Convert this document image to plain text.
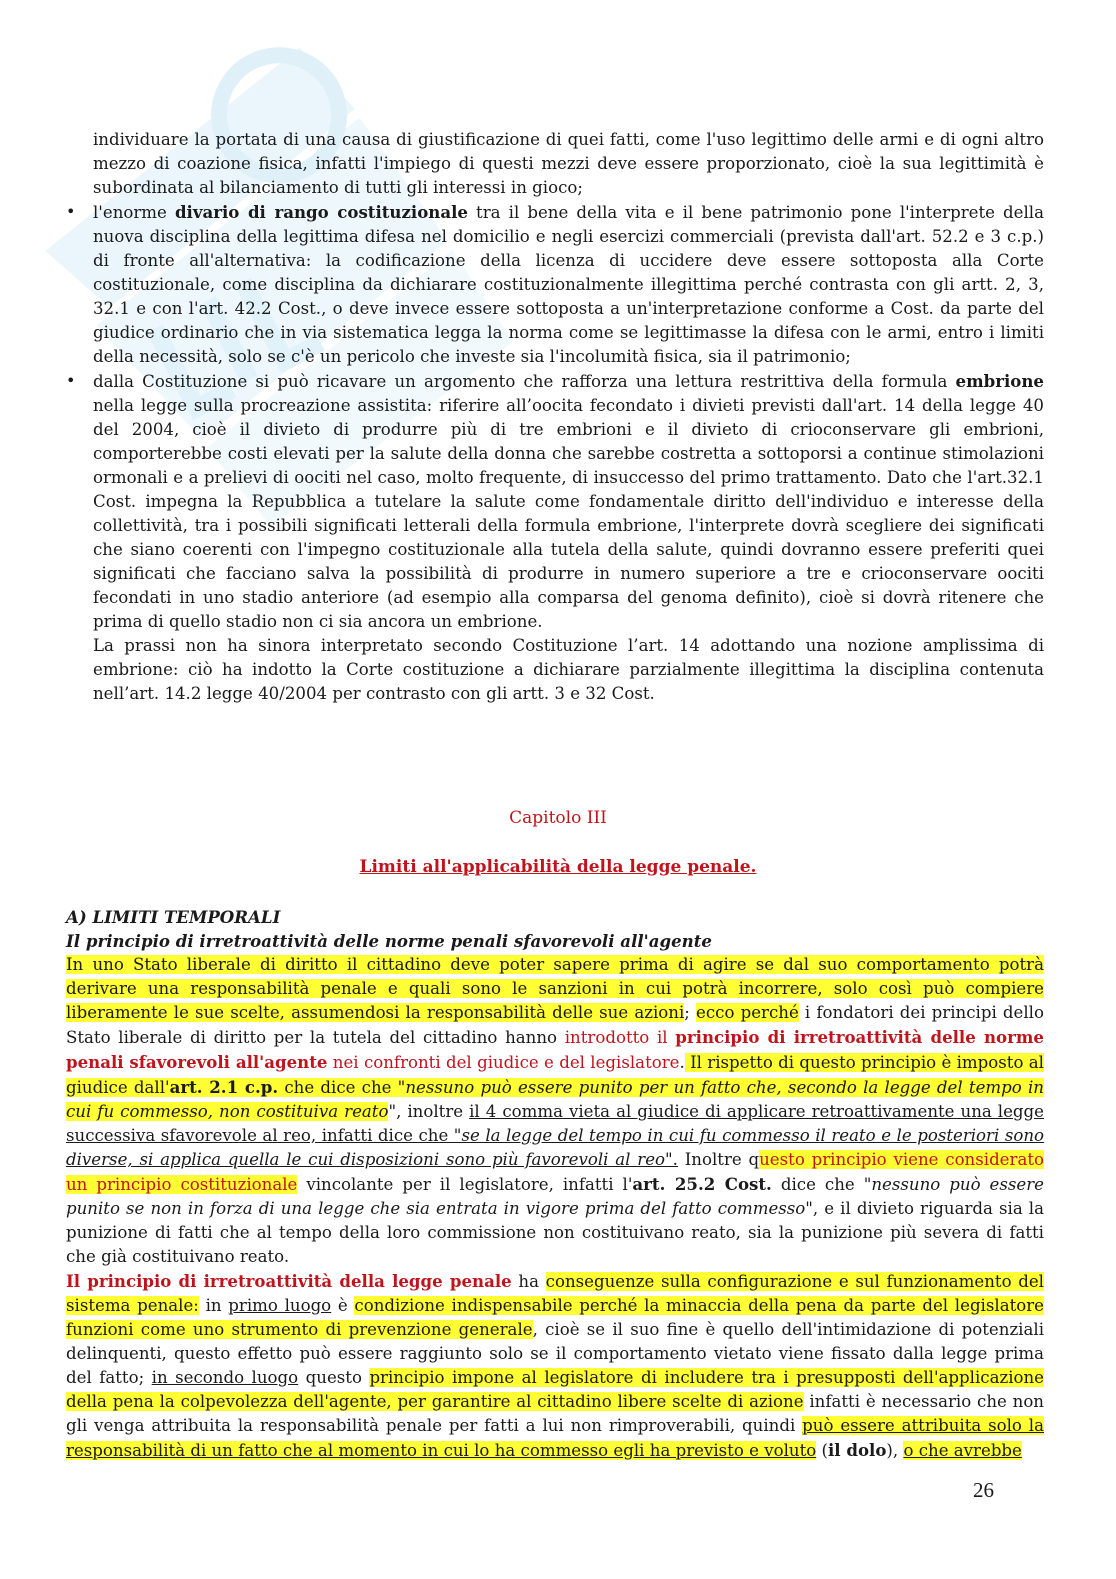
individuare la portata di una causa di giustificazione di quei fatti, come l'uso legittimo delle armi e di ogni altro mezzo di coazione fisica, infatti l'impiego di questi mezzi deve essere proporzionato, cioè la sua legittimità è subordinata al bilanciamento di tutti gli interessi in gioco;

• l'enorme divario di rango costituzionale tra il bene della vita e il bene patrimonio pone l'interprete della nuova disciplina della legittima difesa nel domicilio e negli esercizi commerciali (prevista dall'art. 52.2 e 3 c.p.) di fronte all'alternativa: la codificazione della licenza di uccidere deve essere sottoposta alla Corte costituzionale, come disciplina da dichiarare costituzionalmente illegittima perché contrasta con gli artt. 2, 3, 32.1 e con l'art. 42.2 Cost., o deve invece essere sottoposta a un'interpretazione conforme a Cost. da parte del giudice ordinario che in via sistematica legga la norma come se legittimasse la difesa con le armi, entro i limiti della necessità, solo se c'è un pericolo che investe sia l'incolumità fisica, sia il patrimonio;
• dalla Costituzione si può ricavare un argomento che rafforza una lettura restrittiva della formula embrione nella legge sulla procreazione assistita: riferire all’oocita fecondato i divieti previsti dall'art. 14 della legge 40 del 2004, cioè il divieto di produrre più di tre embrioni e il divieto di crioconservare gli embrioni, comporterebbe costi elevati per la salute della donna che sarebbe costretta a sottoporsi a continue stimolazioni ormonali e a prelievi di oociti nel caso, molto frequente, di insuccesso del primo trattamento. Dato che l'art.32.1 Cost. impegna la Repubblica a tutelare la salute come fondamentale diritto dell'individuo e interesse della collettività, tra i possibili significati letterali della formula embrione, l'interprete dovrà scegliere dei significati che siano coerenti con l'impegno costituzionale alla tutela della salute, quindi dovranno essere preferiti quei significati che facciano salva la possibilità di produrre in numero superiore a tre e crioconservare oociti fecondati in uno stadio anteriore (ad esempio alla comparsa del genoma definito), cioè si dovrà ritenere che prima di quello stadio non ci sia ancora un embrione.

La prassi non ha sinora interpretato secondo Costituzione l’art. 14 adottando una nozione amplissima di embrione: ciò ha indotto la Corte costituzione a dichiarare parzialmente illegittima la disciplina contenuta nell’art. 14.2 legge 40/2004 per contrasto con gli artt. 3 e 32 Cost.

Capitolo III
Limiti all'applicabilità della legge penale.

A) LIMITI TEMPORALI

Il principio di irretroattività delle norme penali sfavorevoli all'agente

In uno Stato liberale di diritto il cittadino deve poter sapere prima di agire se dal suo comportamento potrà derivare una responsabilità penale e quali sono le sanzioni in cui potrà incorrere, solo così può compiere liberamente le sue scelte, assumendosi la responsabilità delle sue azioni; ecco perché i fondatori dei principi dello Stato liberale di diritto per la tutela del cittadino hanno introdotto il principio di irretroattività delle norme penali sfavorevoli all'agente nei confronti del giudice e del legislatore. Il rispetto di questo principio è imposto al giudice dall'art. 2.1 c.p. che dice che "nessuno può essere punito per un fatto che, secondo la legge del tempo in cui fu commesso, non costituiva reato", inoltre il 4 comma vieta al giudice di applicare retroattivamente una legge successiva sfavorevole al reo, infatti dice che "se la legge del tempo in cui fu commesso il reato e le posteriori sono diverse, si applica quella le cui disposizioni sono più favorevoli al reo". Inoltre questo principio viene considerato un principio costituzionale vincolante per il legislatore, infatti l'art. 25.2 Cost. dice che "nessuno può essere punito se non in forza di una legge che sia entrata in vigore prima del fatto commesso", e il divieto riguarda sia la punizione di fatti che al tempo della loro commissione non costituivano reato, sia la punizione più severa di fatti che già costituivano reato.

Il principio di irretroattività della legge penale ha conseguenze sulla configurazione e sul funzionamento del sistema penale: in primo luogo è condizione indispensabile perché la minaccia della pena da parte del legislatore funzioni come uno strumento di prevenzione generale, cioè se il suo fine è quello dell'intimidazione di potenziali delinquenti, questo effetto può essere raggiunto solo se il comportamento vietato viene fissato dalla legge prima del fatto; in secondo luogo questo principio impone al legislatore di includere tra i presupposti dell'applicazione della pena la colpevolezza dell'agente, per garantire al cittadino libere scelte di azione infatti è necessario che non gli venga attribuita la responsabilità penale per fatti a lui non rimproverabili, quindi può essere attribuita solo la responsabilità di un fatto che al momento in cui lo ha commesso egli ha previsto e voluto (il dolo), o che avrebbe

26
